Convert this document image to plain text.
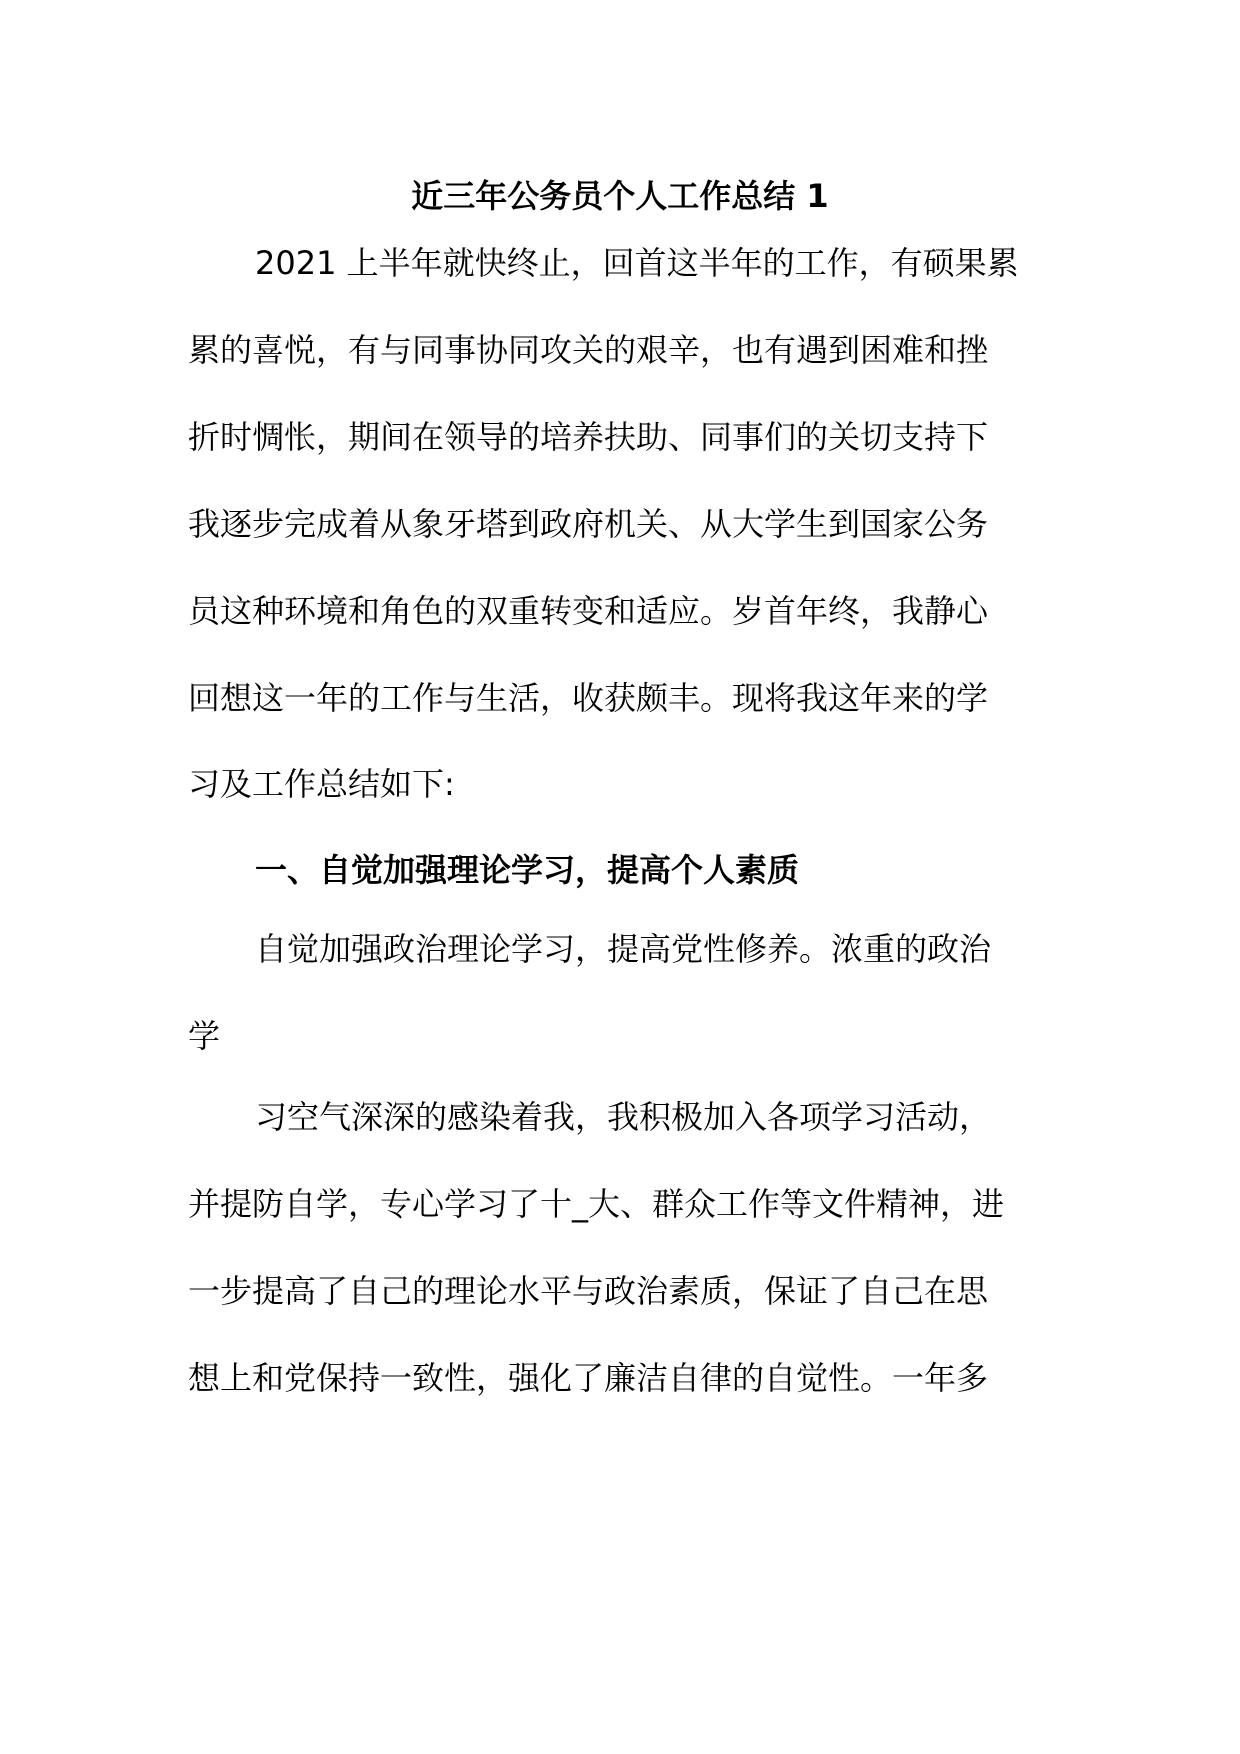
近三年公务员个人工作总结 1

2021 上半年就快终止，回首这半年的工作，有硕果累

累的喜悦，有与同事协同攻关的艰辛，也有遇到困难和挫

折时惆怅，期间在领导的培养扶助、同事们的关切支持下

我逐步完成着从象牙塔到政府机关、从大学生到国家公务

员这种环境和角色的双重转变和适应。岁首年终，我静心

回想这一年的工作与生活，收获颇丰。现将我这年来的学

习及工作总结如下:

一、自觉加强理论学习，提高个人素质

自觉加强政治理论学习，提高党性修养。浓重的政治

学

习空气深深的感染着我，我积极加入各项学习活动，

并提防自学，专心学习了十_大、群众工作等文件精神，进

一步提高了自己的理论水平与政治素质，保证了自己在思

想上和党保持一致性，强化了廉洁自律的自觉性。一年多
